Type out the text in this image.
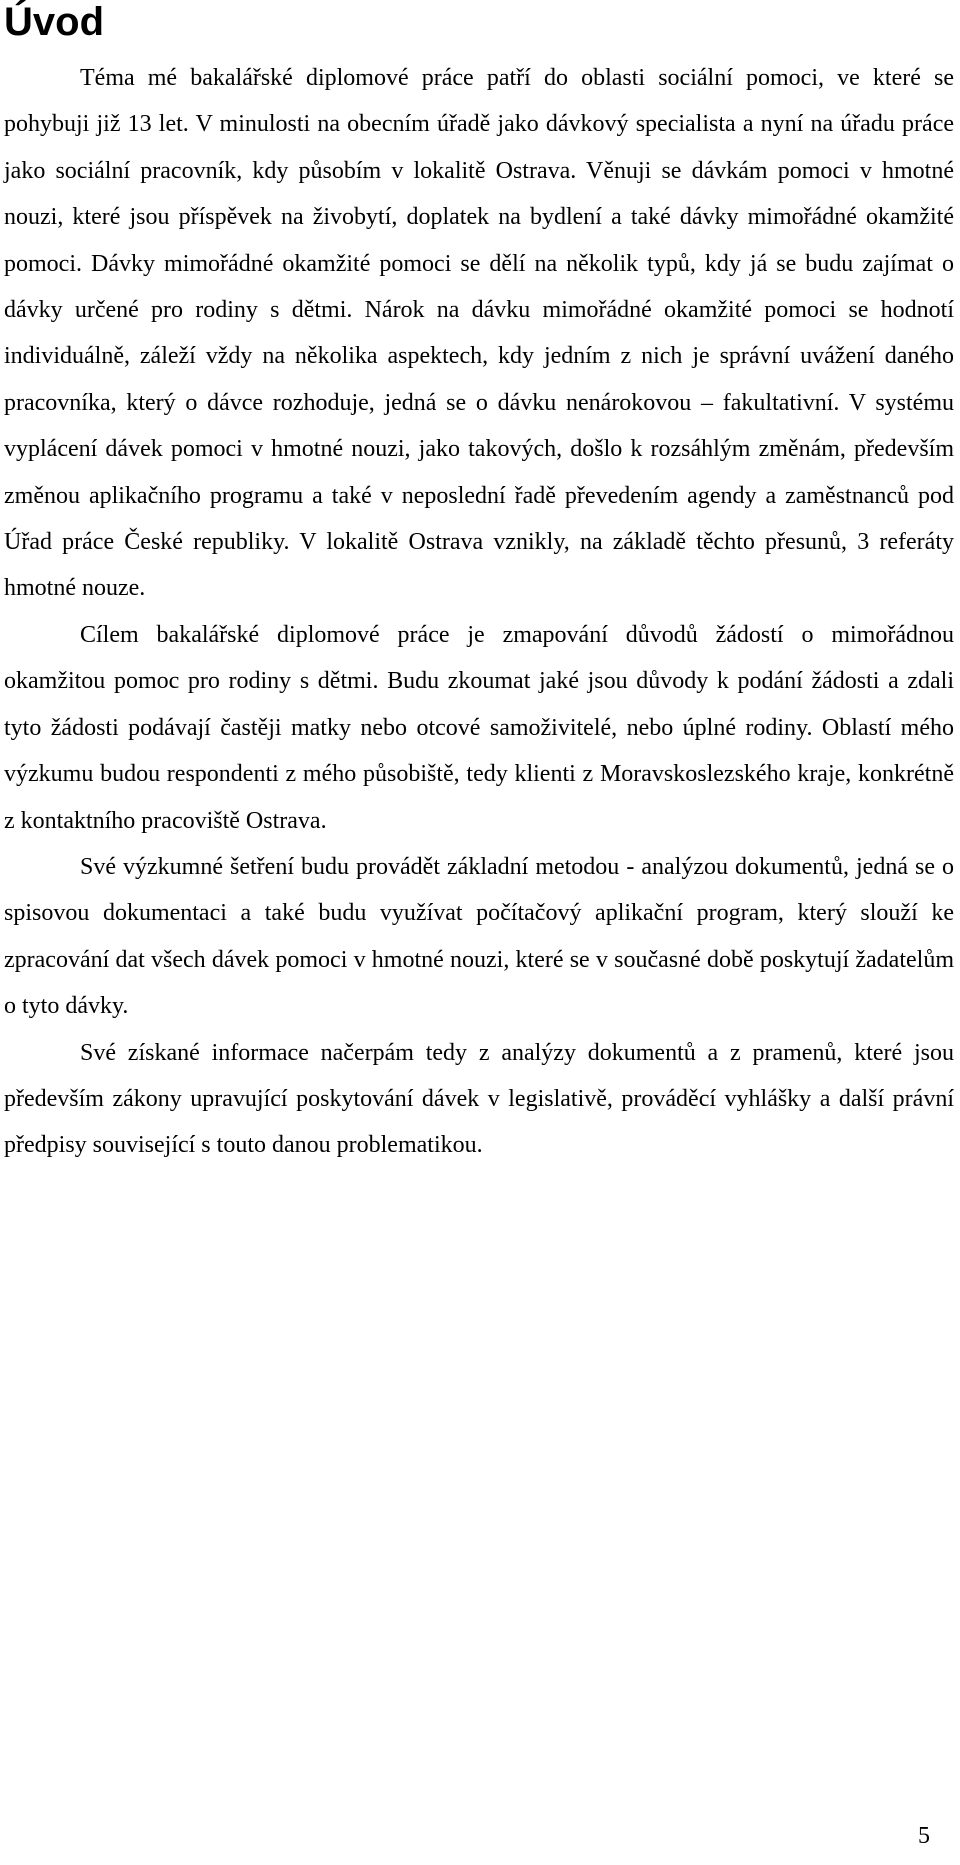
Úvod

Téma mé bakalářské diplomové práce patří do oblasti sociální pomoci, ve které se pohybuji již 13 let. V minulosti na obecním úřadě jako dávkový specialista a nyní na úřadu práce jako sociální pracovník, kdy působím v lokalitě Ostrava. Věnuji se dávkám pomoci v hmotné nouzi, které jsou příspěvek na živobytí, doplatek na bydlení a také dávky mimořádné okamžité pomoci. Dávky mimořádné okamžité pomoci se dělí na několik typů, kdy já se budu zajímat o dávky určené pro rodiny s dětmi. Nárok na dávku mimořádné okamžité pomoci se hodnotí individuálně, záleží vždy na několika aspektech, kdy jedním z nich je správní uvážení daného pracovníka, který o dávce rozhoduje, jedná se o dávku nenárokovou – fakultativní. V systému vyplácení dávek pomoci v hmotné nouzi, jako takových, došlo k rozsáhlým změnám, především změnou aplikačního programu a také v neposlední řadě převedením agendy a zaměstnanců pod Úřad práce České republiky. V lokalitě Ostrava vznikly, na základě těchto přesunů, 3 referáty hmotné nouze.

Cílem bakalářské diplomové práce je zmapování důvodů žádostí o mimořádnou okamžitou pomoc pro rodiny s dětmi. Budu zkoumat jaké jsou důvody k podání žádosti a zdali tyto žádosti podávají častěji matky nebo otcové samoživitelé, nebo úplné rodiny. Oblastí mého výzkumu budou respondenti z mého působiště, tedy klienti z Moravskoslezského kraje, konkrétně z kontaktního pracoviště Ostrava.

Své výzkumné šetření budu provádět základní metodou - analýzou dokumentů, jedná se o spisovou dokumentaci a také budu využívat počítačový aplikační program, který slouží ke zpracování dat všech dávek pomoci v hmotné nouzi, které se v současné době poskytují žadatelům o tyto dávky.

Své získané informace načerpám tedy z analýzy dokumentů a z pramenů, které jsou především zákony upravující poskytování dávek v legislativě, prováděcí vyhlášky a další právní předpisy související s touto danou problematikou.

5
